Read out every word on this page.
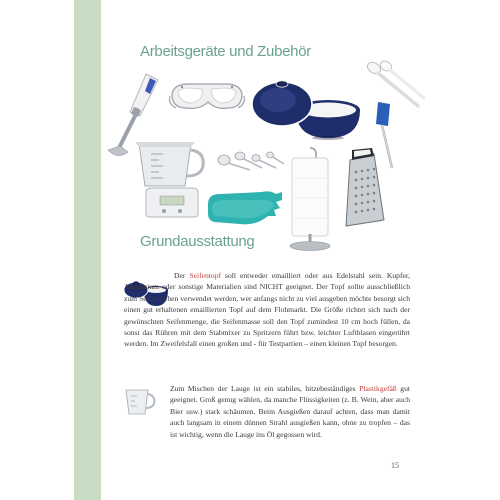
Arbeitsgeräte und Zubehör
Grundausstattung

Der Seifentopf soll entweder emailliert oder aus Edelstahl sein. Kupfer, Aluminium oder sonstige Materialien sind NICHT geeignet. Der Topf sollte ausschließlich zum Seifemachen verwendet werden, wer anfangs nicht zu viel ausgeben möchte besorgt sich einen gut erhaltenen emaillierten Topf auf dem Flohmarkt. Die Größe richtet sich nach der gewünschten Seifenmenge, die Seifenmasse soll den Topf zumindest 10 cm hoch füllen, da sonst das Rühren mit dem Stabmixer zu Spritzern führt bzw. leichter Luftblasen eingerührt werden. Im Zweifelsfall einen großen und - für Testpartien – einen kleinen Topf besorgen.

Zum Mischen der Lauge ist ein stabiles, hitzebeständiges Plastikgefäß gut geeignet. Groß genug wählen, da manche Flüssigkeiten (z. B. Wein, aber auch Bier usw.) stark schäumen. Beim Ausgießen darauf achten, dass man damit auch langsam in einem dünnen Strahl ausgießen kann, ohne zu tropfen – das ist wichtig, wenn die Lauge ins Öl gegossen wird.

15
